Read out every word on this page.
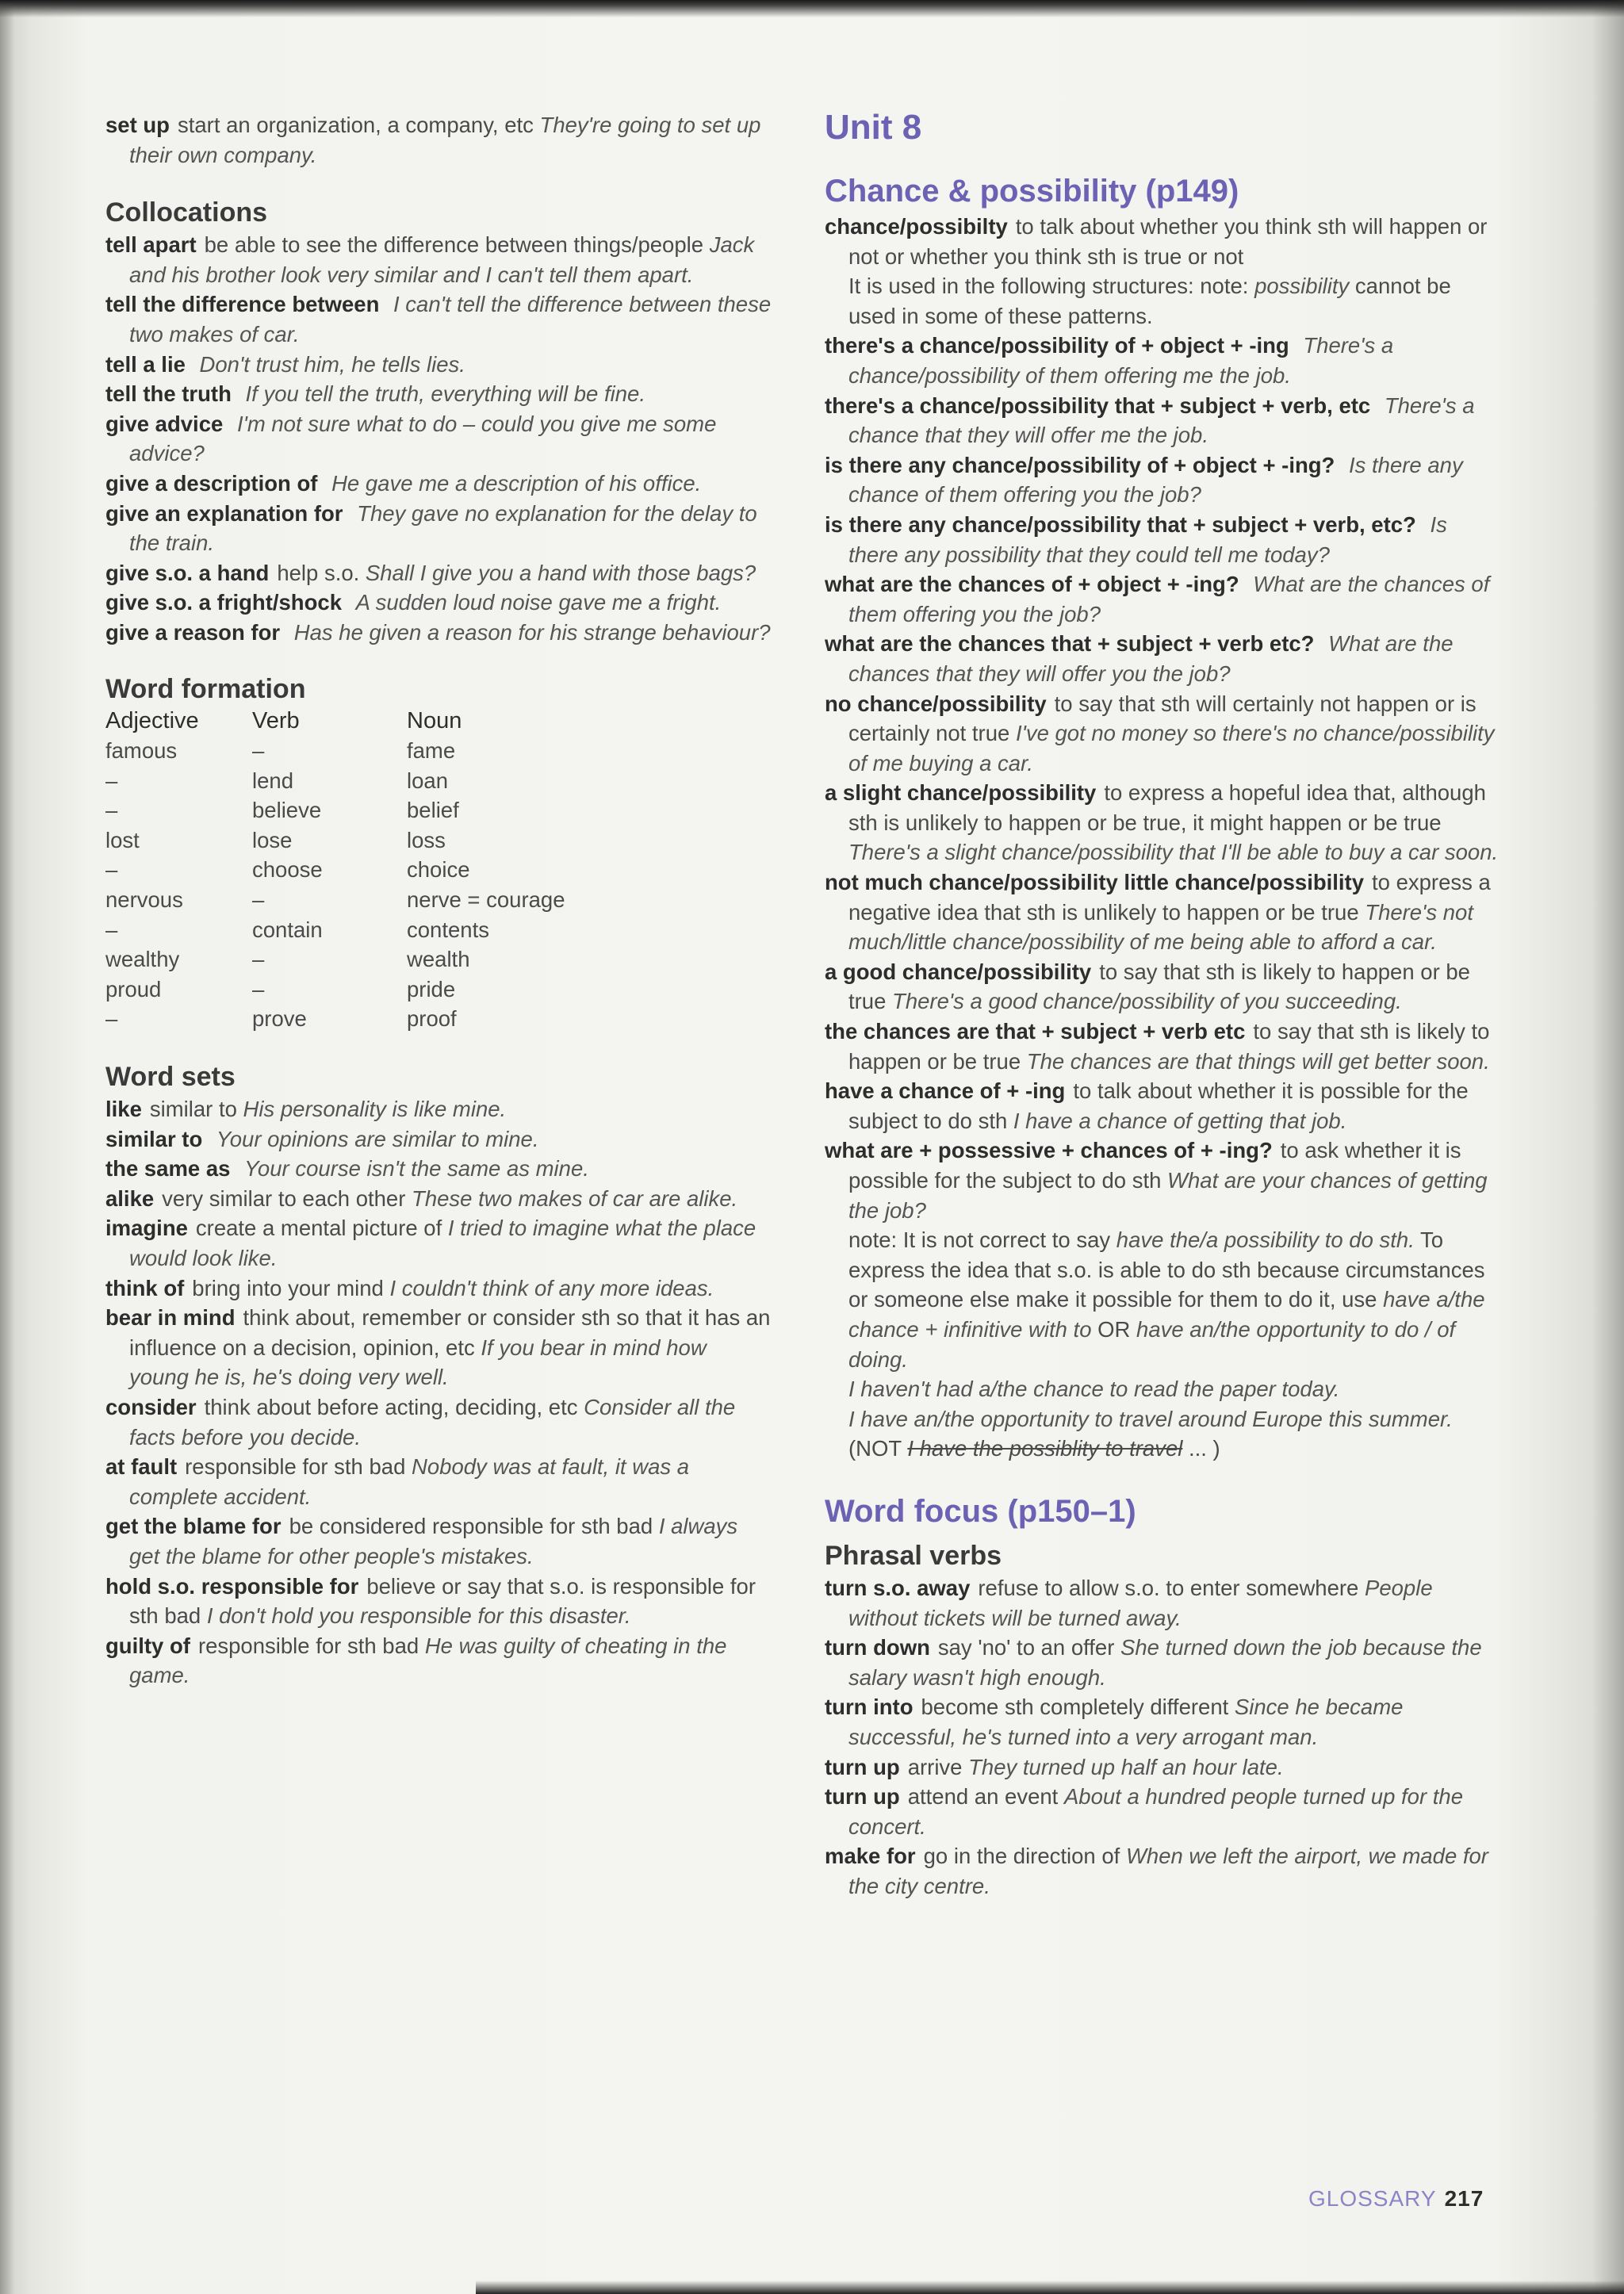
set up start an organization, a company, etc They're going to set up their own company.

Collocations

tell apart be able to see the difference between things/people Jack and his brother look very similar and I can't tell them apart.

tell the difference between I can't tell the difference between these two makes of car.

tell a lie Don't trust him, he tells lies.

tell the truth If you tell the truth, everything will be fine.

give advice I'm not sure what to do – could you give me some advice?

give a description of He gave me a description of his office.

give an explanation for They gave no explanation for the delay to the train.

give s.o. a hand help s.o. Shall I give you a hand with those bags?

give s.o. a fright/shock A sudden loud noise gave me a fright.

give a reason for Has he given a reason for his strange behaviour?

Word formation
Adjective	Verb	Noun
famous	–	fame
–	lend	loan
–	believe	belief
lost	lose	loss
–	choose	choice
nervous	–	nerve = courage
–	contain	contents
wealthy	–	wealth
proud	–	pride
–	prove	proof
Word sets

like similar to His personality is like mine.

similar to Your opinions are similar to mine.

the same as Your course isn't the same as mine.

alike very similar to each other These two makes of car are alike.

imagine create a mental picture of I tried to imagine what the place would look like.

think of bring into your mind I couldn't think of any more ideas.

bear in mind think about, remember or consider sth so that it has an influence on a decision, opinion, etc If you bear in mind how young he is, he's doing very well.

consider think about before acting, deciding, etc Consider all the facts before you decide.

at fault responsible for sth bad Nobody was at fault, it was a complete accident.

get the blame for be considered responsible for sth bad I always get the blame for other people's mistakes.

hold s.o. responsible for believe or say that s.o. is responsible for sth bad I don't hold you responsible for this disaster.

guilty of responsible for sth bad He was guilty of cheating in the game.

Unit 8
Chance & possibility (p149)

chance/possibilty to talk about whether you think sth will happen or not or whether you think sth is true or not

It is used in the following structures: note: possibility cannot be used in some of these patterns.

there's a chance/possibility of + object + -ing There's a chance/possibility of them offering me the job.

there's a chance/possibility that + subject + verb, etc There's a chance that they will offer me the job.

is there any chance/possibility of + object + -ing? Is there any chance of them offering you the job?

is there any chance/possibility that + subject + verb, etc? Is there any possibility that they could tell me today?

what are the chances of + object + -ing? What are the chances of them offering you the job?

what are the chances that + subject + verb etc? What are the chances that they will offer you the job?

no chance/possibility to say that sth will certainly not happen or is certainly not true I've got no money so there's no chance/possibility of me buying a car.

a slight chance/possibility to express a hopeful idea that, although sth is unlikely to happen or be true, it might happen or be true There's a slight chance/possibility that I'll be able to buy a car soon.

not much chance/possibility little chance/possibility to express a negative idea that sth is unlikely to happen or be true There's not much/little chance/possibility of me being able to afford a car.

a good chance/possibility to say that sth is likely to happen or be true There's a good chance/possibility of you succeeding.

the chances are that + subject + verb etc to say that sth is likely to happen or be true The chances are that things will get better soon.

have a chance of + -ing to talk about whether it is possible for the subject to do sth I have a chance of getting that job.

what are + possessive + chances of + -ing? to ask whether it is possible for the subject to do sth What are your chances of getting the job?

note: It is not correct to say have the/a possibility to do sth. To express the idea that s.o. is able to do sth because circumstances or someone else make it possible for them to do it, use have a/the chance + infinitive with to OR have an/the opportunity to do / of doing.

I haven't had a/the chance to read the paper today.

I have an/the opportunity to travel around Europe this summer. (NOT I have the possiblity to travel ... )

Word focus (p150–1)
Phrasal verbs

turn s.o. away refuse to allow s.o. to enter somewhere People without tickets will be turned away.

turn down say 'no' to an offer She turned down the job because the salary wasn't high enough.

turn into become sth completely different Since he became successful, he's turned into a very arrogant man.

turn up arrive They turned up half an hour late.

turn up attend an event About a hundred people turned up for the concert.

make for go in the direction of When we left the airport, we made for the city centre.

GLOSSARY 217
